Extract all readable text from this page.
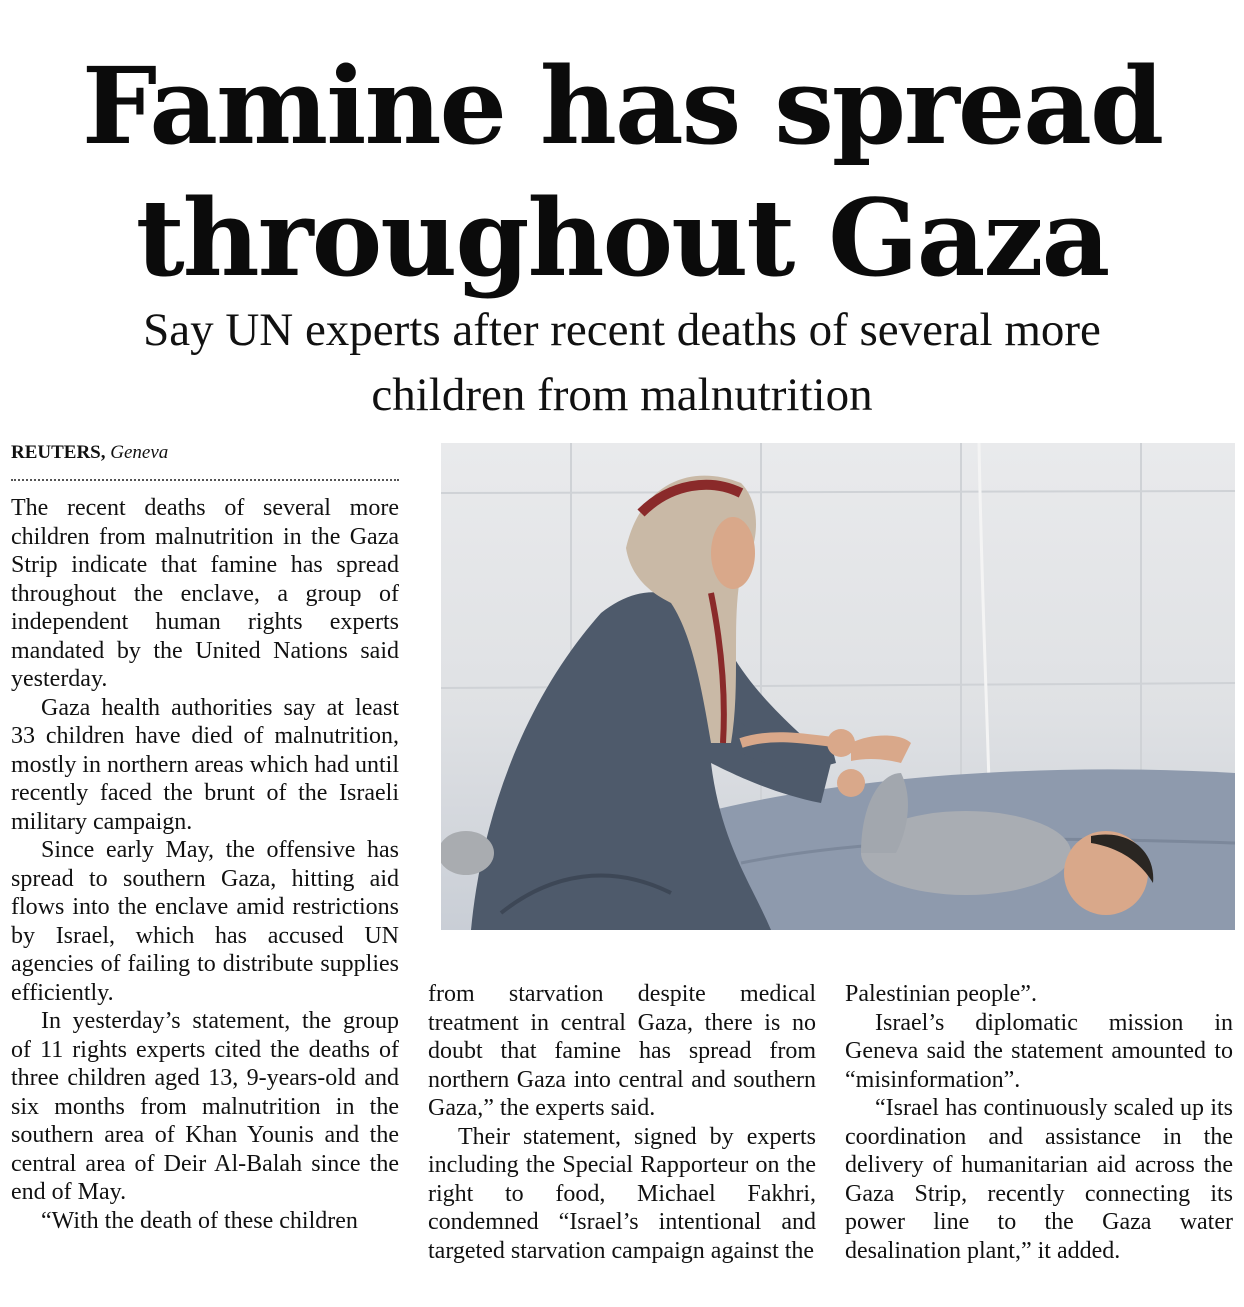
Famine has spread
throughout Gaza
Say UN experts after recent deaths of several more
children from malnutrition
REUTERS, Geneva

The recent deaths of several more children from malnutrition in the Gaza Strip indicate that famine has spread throughout the enclave, a group of independent human rights experts mandated by the United Nations said yesterday.

Gaza health authorities say at least 33 children have died of malnutrition, mostly in northern areas which had until recently faced the brunt of the Israeli military campaign.

Since early May, the offensive has spread to southern Gaza, hitting aid flows into the enclave amid restrictions by Israel, which has accused UN agencies of failing to distribute supplies efficiently.

In yesterday’s statement, the group of 11 rights experts cited the deaths of three children aged 13, 9-years-old and six months from malnutrition in the southern area of Khan Younis and the central area of Deir Al-Balah since the end of May.

“With the death of these children

from starvation despite medical treatment in central Gaza, there is no doubt that famine has spread from northern Gaza into central and southern Gaza,” the experts said.

Their statement, signed by experts including the Special Rapporteur on the right to food, Michael Fakhri, condemned “Israel’s intentional and targeted starvation campaign against the

Palestinian people”.

Israel’s diplomatic mission in Geneva said the statement amounted to “misinformation”.

“Israel has continuously scaled up its coordination and assistance in the delivery of humanitarian aid across the Gaza Strip, recently connecting its power line to the Gaza water desalination plant,” it added.
